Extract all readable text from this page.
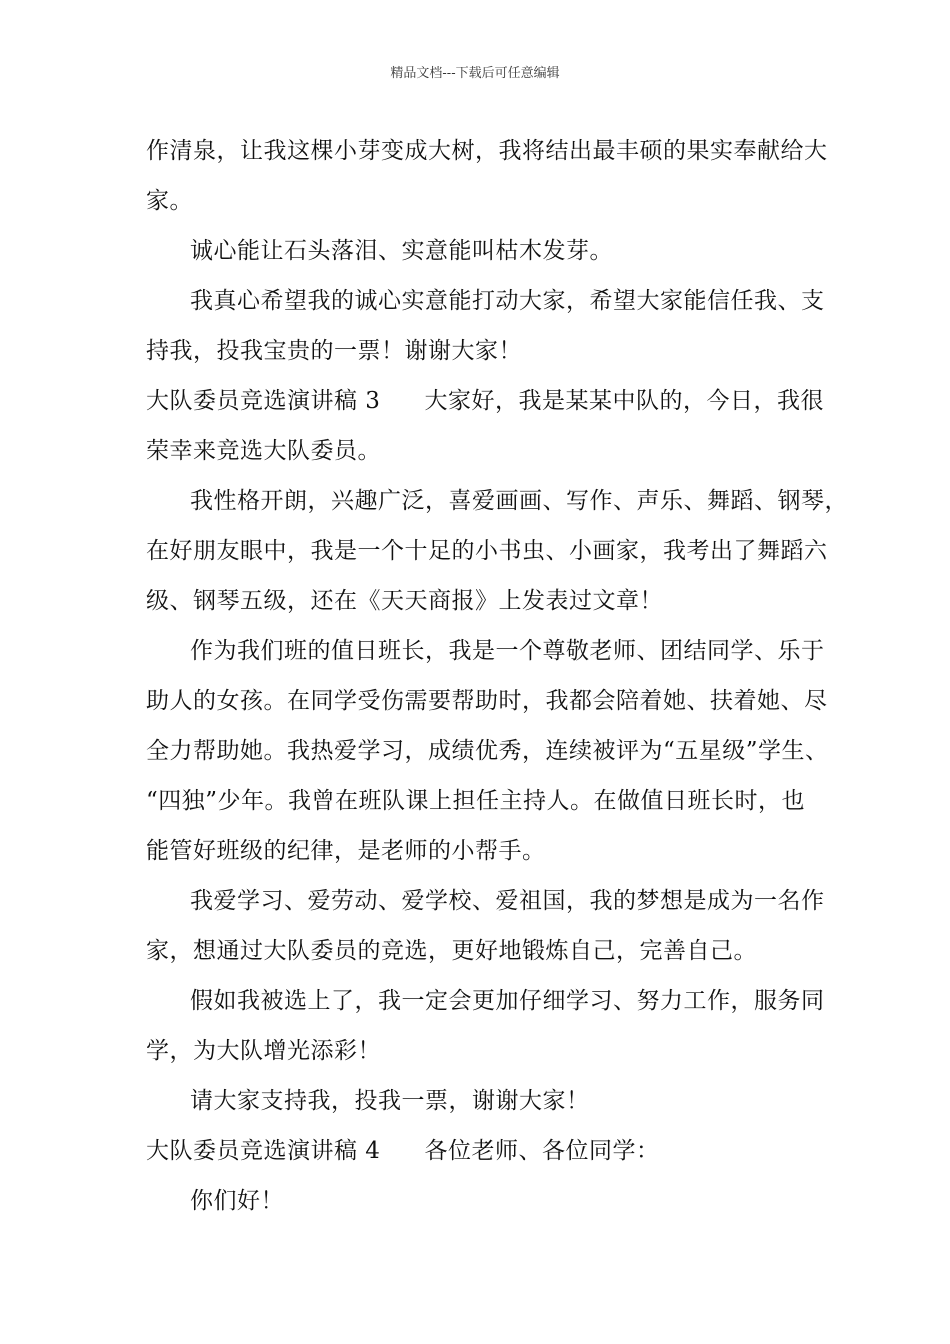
精品文档---下载后可任意编辑
作清泉，让我这棵小芽变成大树，我将结出最丰硕的果实奉献给大
家。
诚心能让石头落泪、实意能叫枯木发芽。
我真心希望我的诚心实意能打动大家，希望大家能信任我、支
持我，投我宝贵的一票！谢谢大家！
大队委员竞选演讲稿 3 大家好，我是某某中队的，今日，我很
荣幸来竞选大队委员。
我性格开朗，兴趣广泛，喜爱画画、写作、声乐、舞蹈、钢琴，
在好朋友眼中，我是一个十足的小书虫、小画家，我考出了舞蹈六
级、钢琴五级，还在《天天商报》上发表过文章！
作为我们班的值日班长，我是一个尊敬老师、团结同学、乐于
助人的女孩。在同学受伤需要帮助时，我都会陪着她、扶着她、尽
全力帮助她。我热爱学习，成绩优秀，连续被评为“五星级”学生、
“四独”少年。我曾在班队课上担任主持人。在做值日班长时，也
能管好班级的纪律，是老师的小帮手。
我爱学习、爱劳动、爱学校、爱祖国，我的梦想是成为一名作
家，想通过大队委员的竞选，更好地锻炼自己，完善自己。
假如我被选上了，我一定会更加仔细学习、努力工作，服务同
学，为大队增光添彩！
请大家支持我，投我一票，谢谢大家！
大队委员竞选演讲稿 4 各位老师、各位同学：
你们好！
